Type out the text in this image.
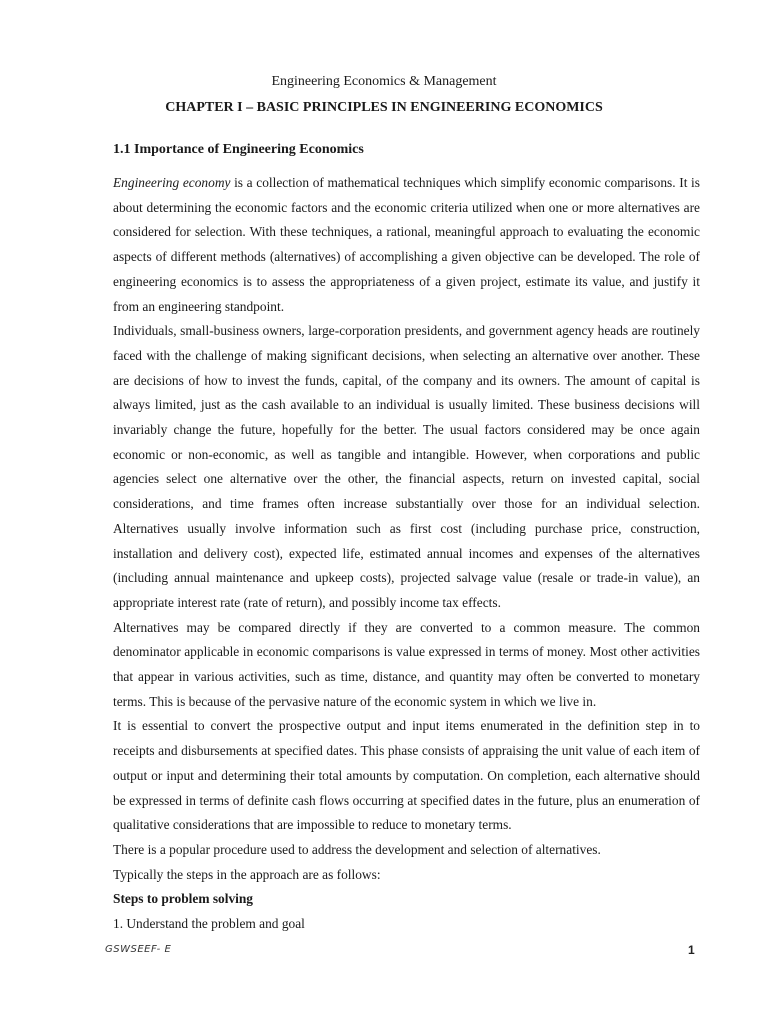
Engineering Economics & Management
CHAPTER I – BASIC PRINCIPLES IN ENGINEERING ECONOMICS
1.1 Importance of Engineering Economics

Engineering economy is a collection of mathematical techniques which simplify economic comparisons. It is about determining the economic factors and the economic criteria utilized when one or more alternatives are considered for selection. With these techniques, a rational, meaningful approach to evaluating the economic aspects of different methods (alternatives) of accomplishing a given objective can be developed. The role of engineering economics is to assess the appropriateness of a given project, estimate its value, and justify it from an engineering standpoint.

Individuals, small-business owners, large-corporation presidents, and government agency heads are routinely faced with the challenge of making significant decisions, when selecting an alternative over another. These are decisions of how to invest the funds, capital, of the company and its owners. The amount of capital is always limited, just as the cash available to an individual is usually limited. These business decisions will invariably change the future, hopefully for the better. The usual factors considered may be once again economic or non-economic, as well as tangible and intangible. However, when corporations and public agencies select one alternative over the other, the financial aspects, return on invested capital, social considerations, and time frames often increase substantially over those for an individual selection. Alternatives usually involve information such as first cost (including purchase price, construction, installation and delivery cost), expected life, estimated annual incomes and expenses of the alternatives (including annual maintenance and upkeep costs), projected salvage value (resale or trade-in value), an appropriate interest rate (rate of return), and possibly income tax effects.

Alternatives may be compared directly if they are converted to a common measure. The common denominator applicable in economic comparisons is value expressed in terms of money. Most other activities that appear in various activities, such as time, distance, and quantity may often be converted to monetary terms. This is because of the pervasive nature of the economic system in which we live in.

It is essential to convert the prospective output and input items enumerated in the definition step in to receipts and disbursements at specified dates. This phase consists of appraising the unit value of each item of output or input and determining their total amounts by computation. On completion, each alternative should be expressed in terms of definite cash flows occurring at specified dates in the future, plus an enumeration of qualitative considerations that are impossible to reduce to monetary terms.

There is a popular procedure used to address the development and selection of alternatives.

Typically the steps in the approach are as follows:

Steps to problem solving

1. Understand the problem and goal

GSWSEEF- E	1
